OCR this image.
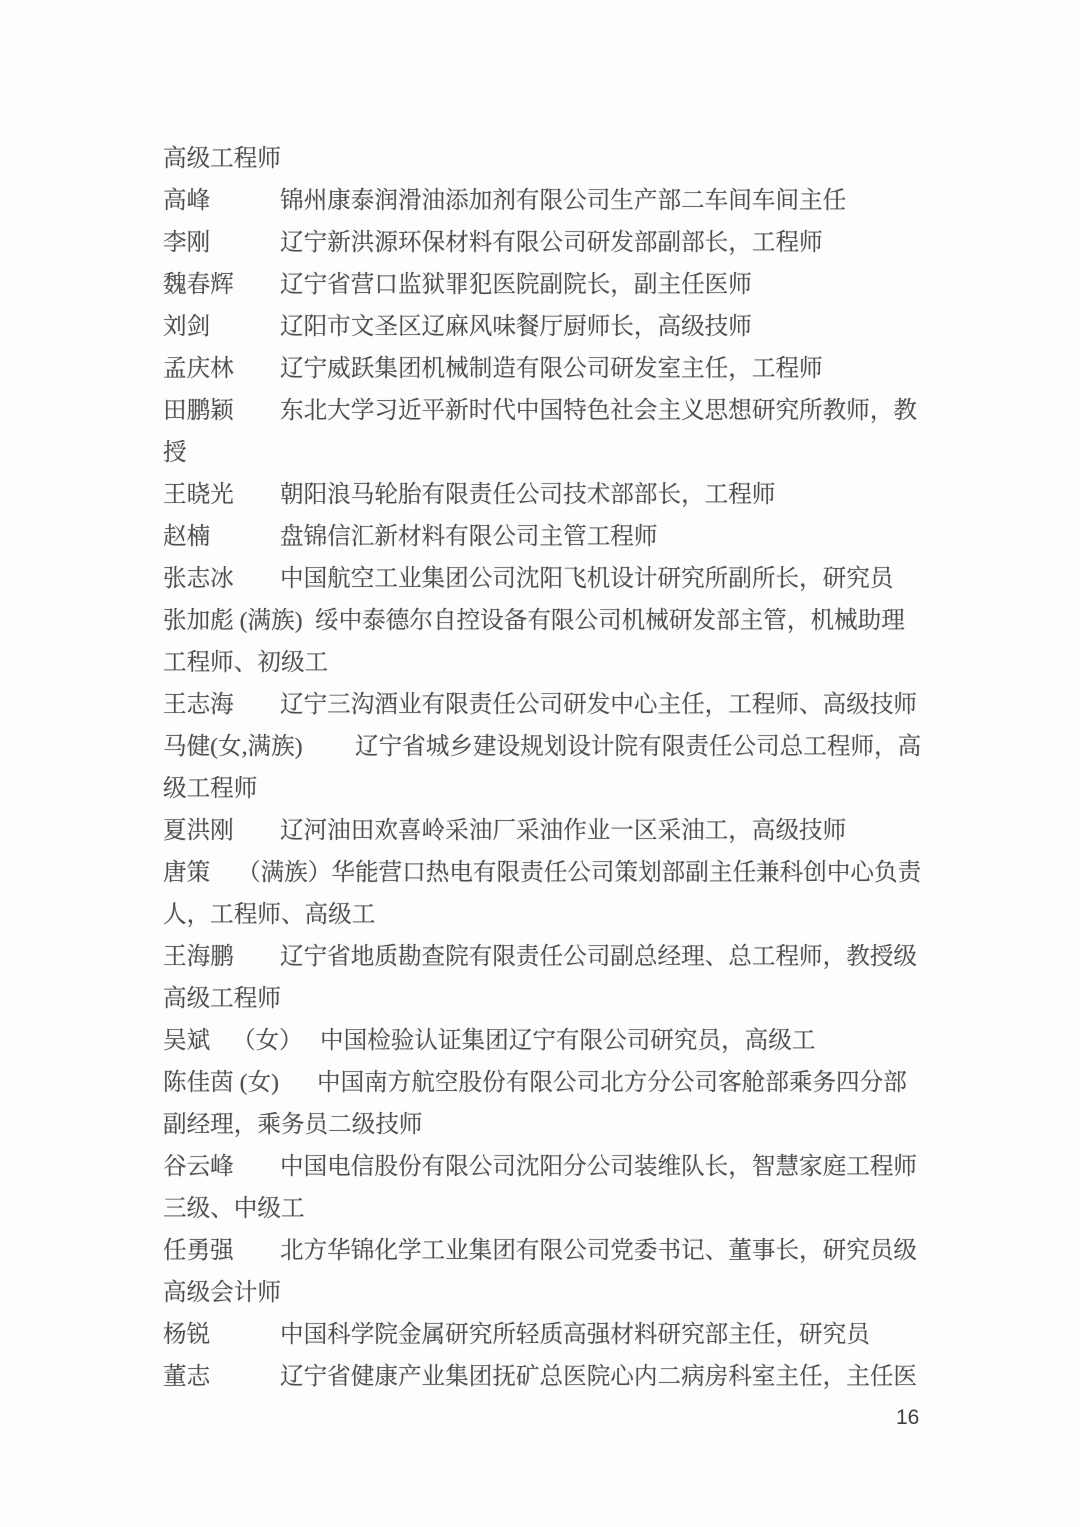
高级工程师
高峰	锦州康泰润滑油添加剂有限公司生产部二车间车间主任
李刚	辽宁新洪源环保材料有限公司研发部副部长，工程师
魏春辉 辽宁省营口监狱罪犯医院副院长，副主任医师
刘剑	辽阳市文圣区辽麻风味餐厅厨师长，高级技师
孟庆林 辽宁威跃集团机械制造有限公司研发室主任，工程师
田鹏颖 东北大学习近平新时代中国特色社会主义思想研究所教师，教
授
王晓光 朝阳浪马轮胎有限责任公司技术部部长，工程师
赵楠	盘锦信汇新材料有限公司主管工程师
张志冰 中国航空工业集团公司沈阳飞机设计研究所副所长，研究员
张加彪 (满族) 绥中泰德尔自控设备有限公司机械研发部主管，机械助理
工程师、初级工
王志海 辽宁三沟酒业有限责任公司研发中心主任，工程师、高级技师
马健(女,满族) 辽宁省城乡建设规划设计院有限责任公司总工程师，高
级工程师
夏洪刚 辽河油田欢喜岭采油厂采油作业一区采油工，高级技师
唐策 （满族）华能营口热电有限责任公司策划部副主任兼科创中心负责
人，工程师、高级工
王海鹏 辽宁省地质勘查院有限责任公司副总经理、总工程师，教授级
高级工程师
吴斌 （女） 中国检验认证集团辽宁有限公司研究员，高级工
陈佳茵 (女) 中国南方航空股份有限公司北方分公司客舱部乘务四分部
副经理，乘务员二级技师
谷云峰 中国电信股份有限公司沈阳分公司装维队长，智慧家庭工程师
三级、中级工
任勇强 北方华锦化学工业集团有限公司党委书记、董事长，研究员级
高级会计师
杨锐	中国科学院金属研究所轻质高强材料研究部主任，研究员
董志	辽宁省健康产业集团抚矿总医院心内二病房科室主任，主任医
16
